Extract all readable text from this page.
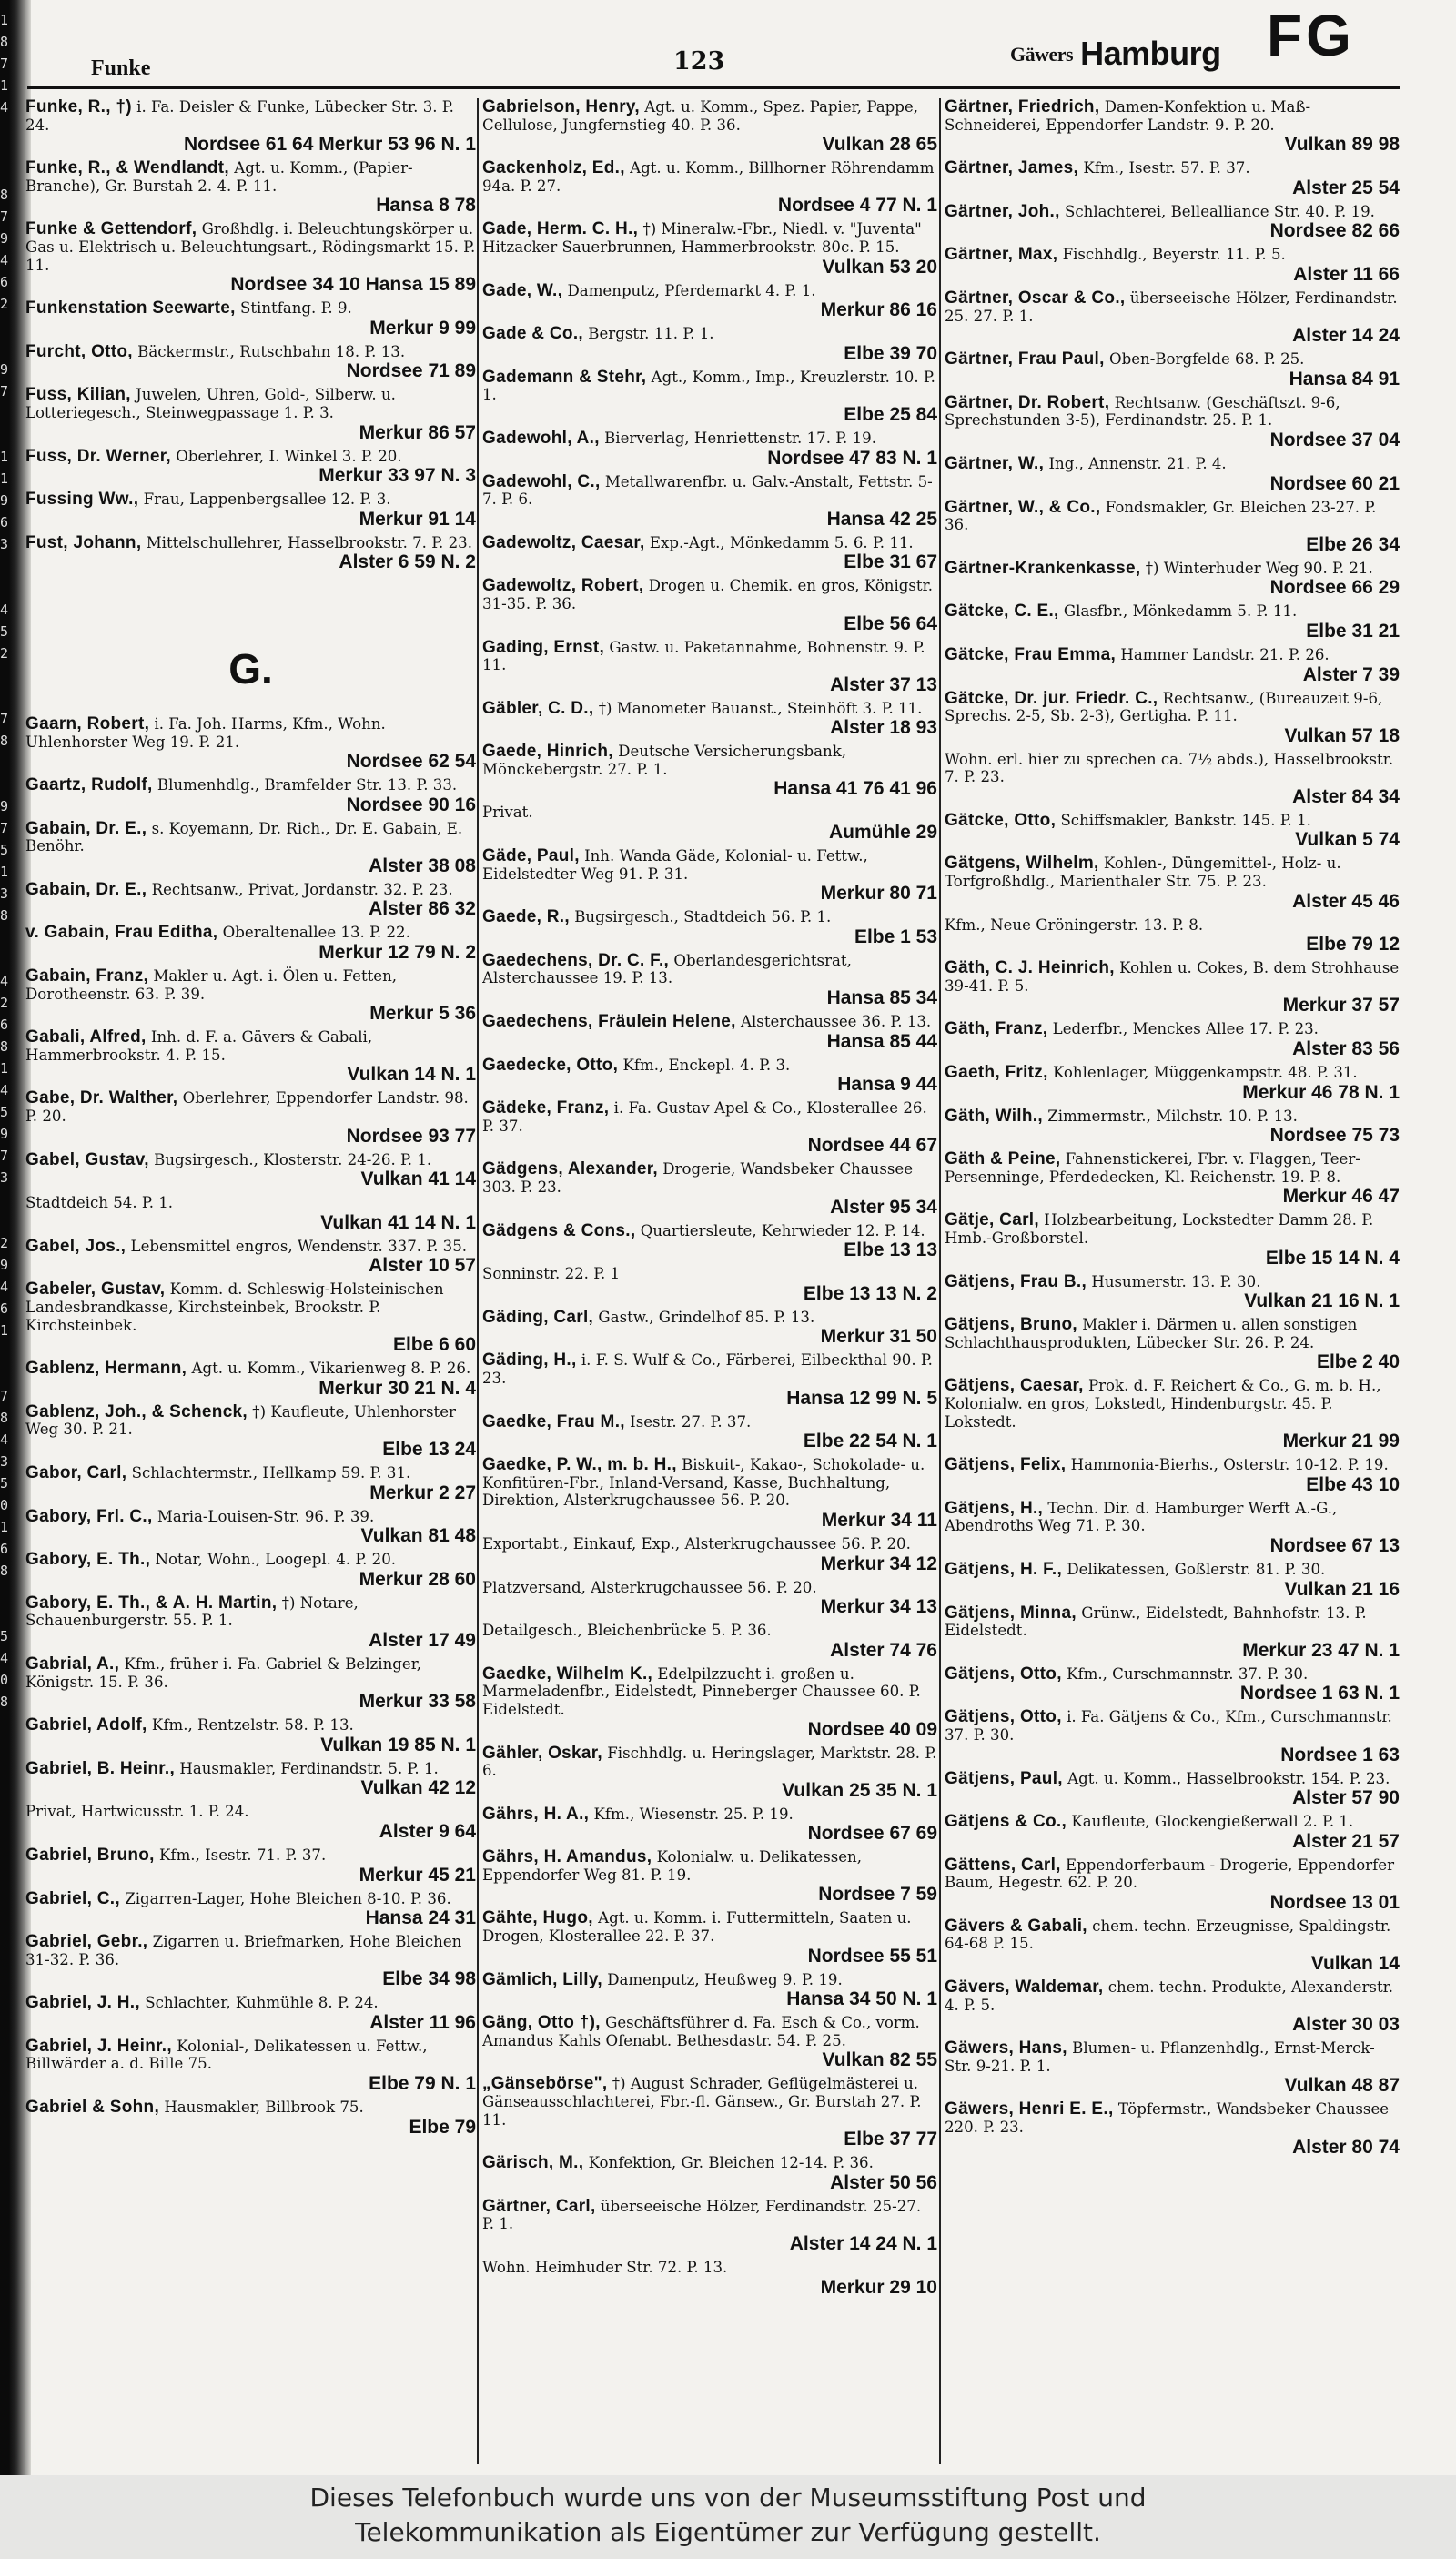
1
8
7
1
4

8
7
9
4
6
2

9
7

1
1
9
6
3

4
5
2

7
8

9
7
5
1
3
8

4
2
6
8
1
4
5
9
7
3

2
9
4
6
1

7
8
4
3
5
0
1
6
8

5
4
0
8
Funke	123	Gäwers Hamburg FG
Funke, R., †) i. Fa. Deisler & Funke, Lübecker Str. 3. P. 24.
Nordsee 61 64 Merkur 53 96 N. 1
Funke, R., & Wendlandt, Agt. u. Komm., (Papier-Branche), Gr. Burstah 2. 4. P. 11.
Hansa 8 78
Funke & Gettendorf, Großhdlg. i. Beleuchtungskörper u. Gas u. Elektrisch u. Beleuchtungsart., Rödingsmarkt 15. P. 11.
Nordsee 34 10 Hansa 15 89
Funkenstation Seewarte, Stintfang. P. 9.
Merkur 9 99
Furcht, Otto, Bäckermstr., Rutschbahn 18. P. 13.
Nordsee 71 89
Fuss, Kilian, Juwelen, Uhren, Gold-, Silberw. u. Lotteriegesch., Steinwegpassage 1. P. 3.
Merkur 86 57
Fuss, Dr. Werner, Oberlehrer, I. Winkel 3. P. 20.
Merkur 33 97 N. 3
Fussing Ww., Frau, Lappenbergsallee 12. P. 3.
Merkur 91 14
Fust, Johann, Mittelschullehrer, Hasselbrookstr. 7. P. 23.
Alster 6 59 N. 2
G.
Gaarn, Robert, i. Fa. Joh. Harms, Kfm., Wohn. Uhlenhorster Weg 19. P. 21.
Nordsee 62 54
Gaartz, Rudolf, Blumenhdlg., Bramfelder Str. 13. P. 33.
Nordsee 90 16
Gabain, Dr. E., s. Koyemann, Dr. Rich., Dr. E. Gabain, E. Benöhr.
Alster 38 08
Gabain, Dr. E., Rechtsanw., Privat, Jordanstr. 32. P. 23.
Alster 86 32
v. Gabain, Frau Editha, Oberaltenallee 13. P. 22.
Merkur 12 79 N. 2
Gabain, Franz, Makler u. Agt. i. Ölen u. Fetten, Dorotheenstr. 63. P. 39.
Merkur 5 36
Gabali, Alfred, Inh. d. F. a. Gävers & Gabali, Hammerbrookstr. 4. P. 15.
Vulkan 14 N. 1
Gabe, Dr. Walther, Oberlehrer, Eppendorfer Landstr. 98. P. 20.
Nordsee 93 77
Gabel, Gustav, Bugsirgesch., Klosterstr. 24-26. P. 1.
Vulkan 41 14
Stadtdeich 54. P. 1.
Vulkan 41 14 N. 1
Gabel, Jos., Lebensmittel engros, Wendenstr. 337. P. 35.
Alster 10 57
Gabeler, Gustav, Komm. d. Schleswig-Holsteinischen Landesbrandkasse, Kirchsteinbek, Brookstr. P. Kirchsteinbek.
Elbe 6 60
Gablenz, Hermann, Agt. u. Komm., Vikarienweg 8. P. 26.
Merkur 30 21 N. 4
Gablenz, Joh., & Schenck, †) Kaufleute, Uhlenhorster Weg 30. P. 21.
Elbe 13 24
Gabor, Carl, Schlachtermstr., Hellkamp 59. P. 31.
Merkur 2 27
Gabory, Frl. C., Maria-Louisen-Str. 96. P. 39.
Vulkan 81 48
Gabory, E. Th., Notar, Wohn., Loogepl. 4. P. 20.
Merkur 28 60
Gabory, E. Th., & A. H. Martin, †) Notare, Schauenburgerstr. 55. P. 1.
Alster 17 49
Gabrial, A., Kfm., früher i. Fa. Gabriel & Belzinger, Königstr. 15. P. 36.
Merkur 33 58
Gabriel, Adolf, Kfm., Rentzelstr. 58. P. 13.
Vulkan 19 85 N. 1
Gabriel, B. Heinr., Hausmakler, Ferdinandstr. 5. P. 1.
Vulkan 42 12
Privat, Hartwicusstr. 1. P. 24.
Alster 9 64
Gabriel, Bruno, Kfm., Isestr. 71. P. 37.
Merkur 45 21
Gabriel, C., Zigarren-Lager, Hohe Bleichen 8-10. P. 36.
Hansa 24 31
Gabriel, Gebr., Zigarren u. Briefmarken, Hohe Bleichen 31-32. P. 36.
Elbe 34 98
Gabriel, J. H., Schlachter, Kuhmühle 8. P. 24.
Alster 11 96
Gabriel, J. Heinr., Kolonial-, Delikatessen u. Fettw., Billwärder a. d. Bille 75.
Elbe 79 N. 1
Gabriel & Sohn, Hausmakler, Billbrook 75.
Elbe 79
Gabrielson, Henry, Agt. u. Komm., Spez. Papier, Pappe, Cellulose, Jungfernstieg 40. P. 36.
Vulkan 28 65
Gackenholz, Ed., Agt. u. Komm., Billhorner Röhrendamm 94a. P. 27.
Nordsee 4 77 N. 1
Gade, Herm. C. H., †) Mineralw.-Fbr., Niedl. v. "Juventa" Hitzacker Sauerbrunnen, Hammerbrookstr. 80c. P. 15.
Vulkan 53 20
Gade, W., Damenputz, Pferdemarkt 4. P. 1.
Merkur 86 16
Gade & Co., Bergstr. 11. P. 1.
Elbe 39 70
Gademann & Stehr, Agt., Komm., Imp., Kreuzlerstr. 10. P. 1.
Elbe 25 84
Gadewohl, A., Bierverlag, Henriettenstr. 17. P. 19.
Nordsee 47 83 N. 1
Gadewohl, C., Metallwarenfbr. u. Galv.-Anstalt, Fettstr. 5-7. P. 6.
Hansa 42 25
Gadewoltz, Caesar, Exp.-Agt., Mönkedamm 5. 6. P. 11.
Elbe 31 67
Gadewoltz, Robert, Drogen u. Chemik. en gros, Königstr. 31-35. P. 36.
Elbe 56 64
Gading, Ernst, Gastw. u. Paketannahme, Bohnenstr. 9. P. 11.
Alster 37 13
Gäbler, C. D., †) Manometer Bauanst., Steinhöft 3. P. 11.
Alster 18 93
Gaede, Hinrich, Deutsche Versicherungsbank, Mönckebergstr. 27. P. 1.
Hansa 41 76 41 96
Privat.
Aumühle 29
Gäde, Paul, Inh. Wanda Gäde, Kolonial- u. Fettw., Eidelstedter Weg 91. P. 31.
Merkur 80 71
Gaede, R., Bugsirgesch., Stadtdeich 56. P. 1.
Elbe 1 53
Gaedechens, Dr. C. F., Oberlandesgerichtsrat, Alsterchaussee 19. P. 13.
Hansa 85 34
Gaedechens, Fräulein Helene, Alsterchaussee 36. P. 13.
Hansa 85 44
Gaedecke, Otto, Kfm., Enckepl. 4. P. 3.
Hansa 9 44
Gädeke, Franz, i. Fa. Gustav Apel & Co., Klosterallee 26. P. 37.
Nordsee 44 67
Gädgens, Alexander, Drogerie, Wandsbeker Chaussee 303. P. 23.
Alster 95 34
Gädgens & Cons., Quartiersleute, Kehrwieder 12. P. 14.
Elbe 13 13
Sonninstr. 22. P. 1
Elbe 13 13 N. 2
Gäding, Carl, Gastw., Grindelhof 85. P. 13.
Merkur 31 50
Gäding, H., i. F. S. Wulf & Co., Färberei, Eilbeckthal 90. P. 23.
Hansa 12 99 N. 5
Gaedke, Frau M., Isestr. 27. P. 37.
Elbe 22 54 N. 1
Gaedke, P. W., m. b. H., Biskuit-, Kakao-, Schokolade- u. Konfitüren-Fbr., Inland-Versand, Kasse, Buchhaltung, Direktion, Alsterkrugchaussee 56. P. 20.
Merkur 34 11
Exportabt., Einkauf, Exp., Alsterkrugchaussee 56. P. 20.
Merkur 34 12
Platzversand, Alsterkrugchaussee 56. P. 20.
Merkur 34 13
Detailgesch., Bleichenbrücke 5. P. 36.
Alster 74 76
Gaedke, Wilhelm K., Edelpilzzucht i. großen u. Marmeladenfbr., Eidelstedt, Pinneberger Chaussee 60. P. Eidelstedt.
Nordsee 40 09
Gähler, Oskar, Fischhdlg. u. Heringslager, Marktstr. 28. P. 6.
Vulkan 25 35 N. 1
Gährs, H. A., Kfm., Wiesenstr. 25. P. 19.
Nordsee 67 69
Gährs, H. Amandus, Kolonialw. u. Delikatessen, Eppendorfer Weg 81. P. 19.
Nordsee 7 59
Gähte, Hugo, Agt. u. Komm. i. Futtermitteln, Saaten u. Drogen, Klosterallee 22. P. 37.
Nordsee 55 51
Gämlich, Lilly, Damenputz, Heußweg 9. P. 19.
Hansa 34 50 N. 1
Gäng, Otto †), Geschäftsführer d. Fa. Esch & Co., vorm. Amandus Kahls Ofenabt. Bethesdastr. 54. P. 25.
Vulkan 82 55
„Gänsebörse", †) August Schrader, Geflügelmästerei u. Gänseausschlachterei, Fbr.-fl. Gänsew., Gr. Burstah 27. P. 11.
Elbe 37 77
Gärisch, M., Konfektion, Gr. Bleichen 12-14. P. 36.
Alster 50 56
Gärtner, Carl, überseeische Hölzer, Ferdinandstr. 25-27. P. 1.
Alster 14 24 N. 1
Wohn. Heimhuder Str. 72. P. 13.
Merkur 29 10
Gärtner, Friedrich, Damen-Konfektion u. Maß-Schneiderei, Eppendorfer Landstr. 9. P. 20.
Vulkan 89 98
Gärtner, James, Kfm., Isestr. 57. P. 37.
Alster 25 54
Gärtner, Joh., Schlachterei, Bellealliance Str. 40. P. 19.
Nordsee 82 66
Gärtner, Max, Fischhdlg., Beyerstr. 11. P. 5.
Alster 11 66
Gärtner, Oscar & Co., überseeische Hölzer, Ferdinandstr. 25. 27. P. 1.
Alster 14 24
Gärtner, Frau Paul, Oben-Borgfelde 68. P. 25.
Hansa 84 91
Gärtner, Dr. Robert, Rechtsanw. (Geschäftszt. 9-6, Sprechstunden 3-5), Ferdinandstr. 25. P. 1.
Nordsee 37 04
Gärtner, W., Ing., Annenstr. 21. P. 4.
Nordsee 60 21
Gärtner, W., & Co., Fondsmakler, Gr. Bleichen 23-27. P. 36.
Elbe 26 34
Gärtner-Krankenkasse, †) Winterhuder Weg 90. P. 21.
Nordsee 66 29
Gätcke, C. E., Glasfbr., Mönkedamm 5. P. 11.
Elbe 31 21
Gätcke, Frau Emma, Hammer Landstr. 21. P. 26.
Alster 7 39
Gätcke, Dr. jur. Friedr. C., Rechtsanw., (Bureauzeit 9-6, Sprechs. 2-5, Sb. 2-3), Gertigha. P. 11.
Vulkan 57 18
Wohn. erl. hier zu sprechen ca. 7½ abds.), Hasselbrookstr. 7. P. 23.
Alster 84 34
Gätcke, Otto, Schiffsmakler, Bankstr. 145. P. 1.
Vulkan 5 74
Gätgens, Wilhelm, Kohlen-, Düngemittel-, Holz- u. Torfgroßhdlg., Marienthaler Str. 75. P. 23.
Alster 45 46
Kfm., Neue Gröningerstr. 13. P. 8.
Elbe 79 12
Gäth, C. J. Heinrich, Kohlen u. Cokes, B. dem Strohhause 39-41. P. 5.
Merkur 37 57
Gäth, Franz, Lederfbr., Menckes Allee 17. P. 23.
Alster 83 56
Gaeth, Fritz, Kohlenlager, Müggenkampstr. 48. P. 31.
Merkur 46 78 N. 1
Gäth, Wilh., Zimmermstr., Milchstr. 10. P. 13.
Nordsee 75 73
Gäth & Peine, Fahnenstickerei, Fbr. v. Flaggen, Teer-Persenninge, Pferdedecken, Kl. Reichenstr. 19. P. 8.
Merkur 46 47
Gätje, Carl, Holzbearbeitung, Lockstedter Damm 28. P. Hmb.-Großborstel.
Elbe 15 14 N. 4
Gätjens, Frau B., Husumerstr. 13. P. 30.
Vulkan 21 16 N. 1
Gätjens, Bruno, Makler i. Därmen u. allen sonstigen Schlachthausprodukten, Lübecker Str. 26. P. 24.
Elbe 2 40
Gätjens, Caesar, Prok. d. F. Reichert & Co., G. m. b. H., Kolonialw. en gros, Lokstedt, Hindenburgstr. 45. P. Lokstedt.
Merkur 21 99
Gätjens, Felix, Hammonia-Bierhs., Osterstr. 10-12. P. 19.
Elbe 43 10
Gätjens, H., Techn. Dir. d. Hamburger Werft A.-G., Abendroths Weg 71. P. 30.
Nordsee 67 13
Gätjens, H. F., Delikatessen, Goßlerstr. 81. P. 30.
Vulkan 21 16
Gätjens, Minna, Grünw., Eidelstedt, Bahnhofstr. 13. P. Eidelstedt.
Merkur 23 47 N. 1
Gätjens, Otto, Kfm., Curschmannstr. 37. P. 30.
Nordsee 1 63 N. 1
Gätjens, Otto, i. Fa. Gätjens & Co., Kfm., Curschmannstr. 37. P. 30.
Nordsee 1 63
Gätjens, Paul, Agt. u. Komm., Hasselbrookstr. 154. P. 23.
Alster 57 90
Gätjens & Co., Kaufleute, Glockengießerwall 2. P. 1.
Alster 21 57
Gättens, Carl, Eppendorferbaum - Drogerie, Eppendorfer Baum, Hegestr. 62. P. 20.
Nordsee 13 01
Gävers & Gabali, chem. techn. Erzeugnisse, Spaldingstr. 64-68 P. 15.
Vulkan 14
Gävers, Waldemar, chem. techn. Produkte, Alexanderstr. 4. P. 5.
Alster 30 03
Gäwers, Hans, Blumen- u. Pflanzenhdlg., Ernst-Merck-Str. 9-21. P. 1.
Vulkan 48 87
Gäwers, Henri E. E., Töpfermstr., Wandsbeker Chaussee 220. P. 23.
Alster 80 74
Dieses Telefonbuch wurde uns von der Museumsstiftung Post und
Telekommunikation als Eigentümer zur Verfügung gestellt.
